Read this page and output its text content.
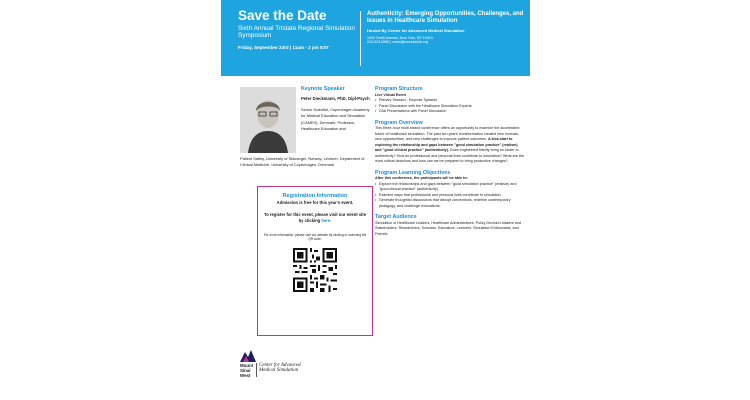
Save the Date
Sixth Annual Tristate Regional Simulation Symposium
Friday, September 23rd | 11am - 2 pm EST
Authenticity: Emerging Opportunities, Challenges, and Issues in Healthcare Simulation
Hosted By Center for Advanced Medical Simulation
1000 Tenth Avenue, New York, NY 10019
212-523-8980 | cams@mountsinai.org
Keynote Speaker
Peter Dieckmann, PhD, Dipl-Psych
Senior Scientist, Copenhagen Academy for Medical Education and Simulation (CAMES), Denmark; Professor, Healthcare Education and
Patient Safety, University of Stavanger, Norway; Lecturer, Department of Clinical Medicine, University of Copenhagen, Denmark
Registration Information
Admission is free for this year's event.
To register for this event, please visit our event site by clicking here.
For more information, please visit our website by clicking or scanning the QR code.
Mount
Sinai
West
Center for Advanced
Medical Simulation
Program Structure
Live Virtual Event
• Plenary Session - Keynote Speaker
• Panel Discussion with the Healthcare Simulation Experts
• Oral Presentations with Panel Discussion
Program Overview
This three-hour multi-strand conference offers an opportunity to examine the accelerated future of healthcare simulation. The past two years' transformation created new normals, new opportunities, and new challenges to improve patient outcomes. A kick-start to exploring the relationship and gaps between "good simulation practice" (realism) and "good clinical practice" (authenticity). Does engineered fidelity bring us closer to authenticity? How do professional and personal lives contribute to simulation? What are the most critical decisions and how can we be prepared to bring productive changes?
Program Learning Objectives
After this conference, the participants will be able to:
• Explore the relationships and gaps between "good simulation practice" (realism) and "good clinical practice" (authenticity).
• Examine ways that professional and personal lives contribute to simulation.
• Generate thoughtful discussions that disrupt conventions, redefine contemporary pedagogy, and challenge innovations.
Target Audience
Simulation in Healthcare Leaders, Healthcare Administrators, Policy Decision Makers and Stakeholders, Researchers, Scholars, Educators, Learners, Simulation Enthusiasts, and Friends
